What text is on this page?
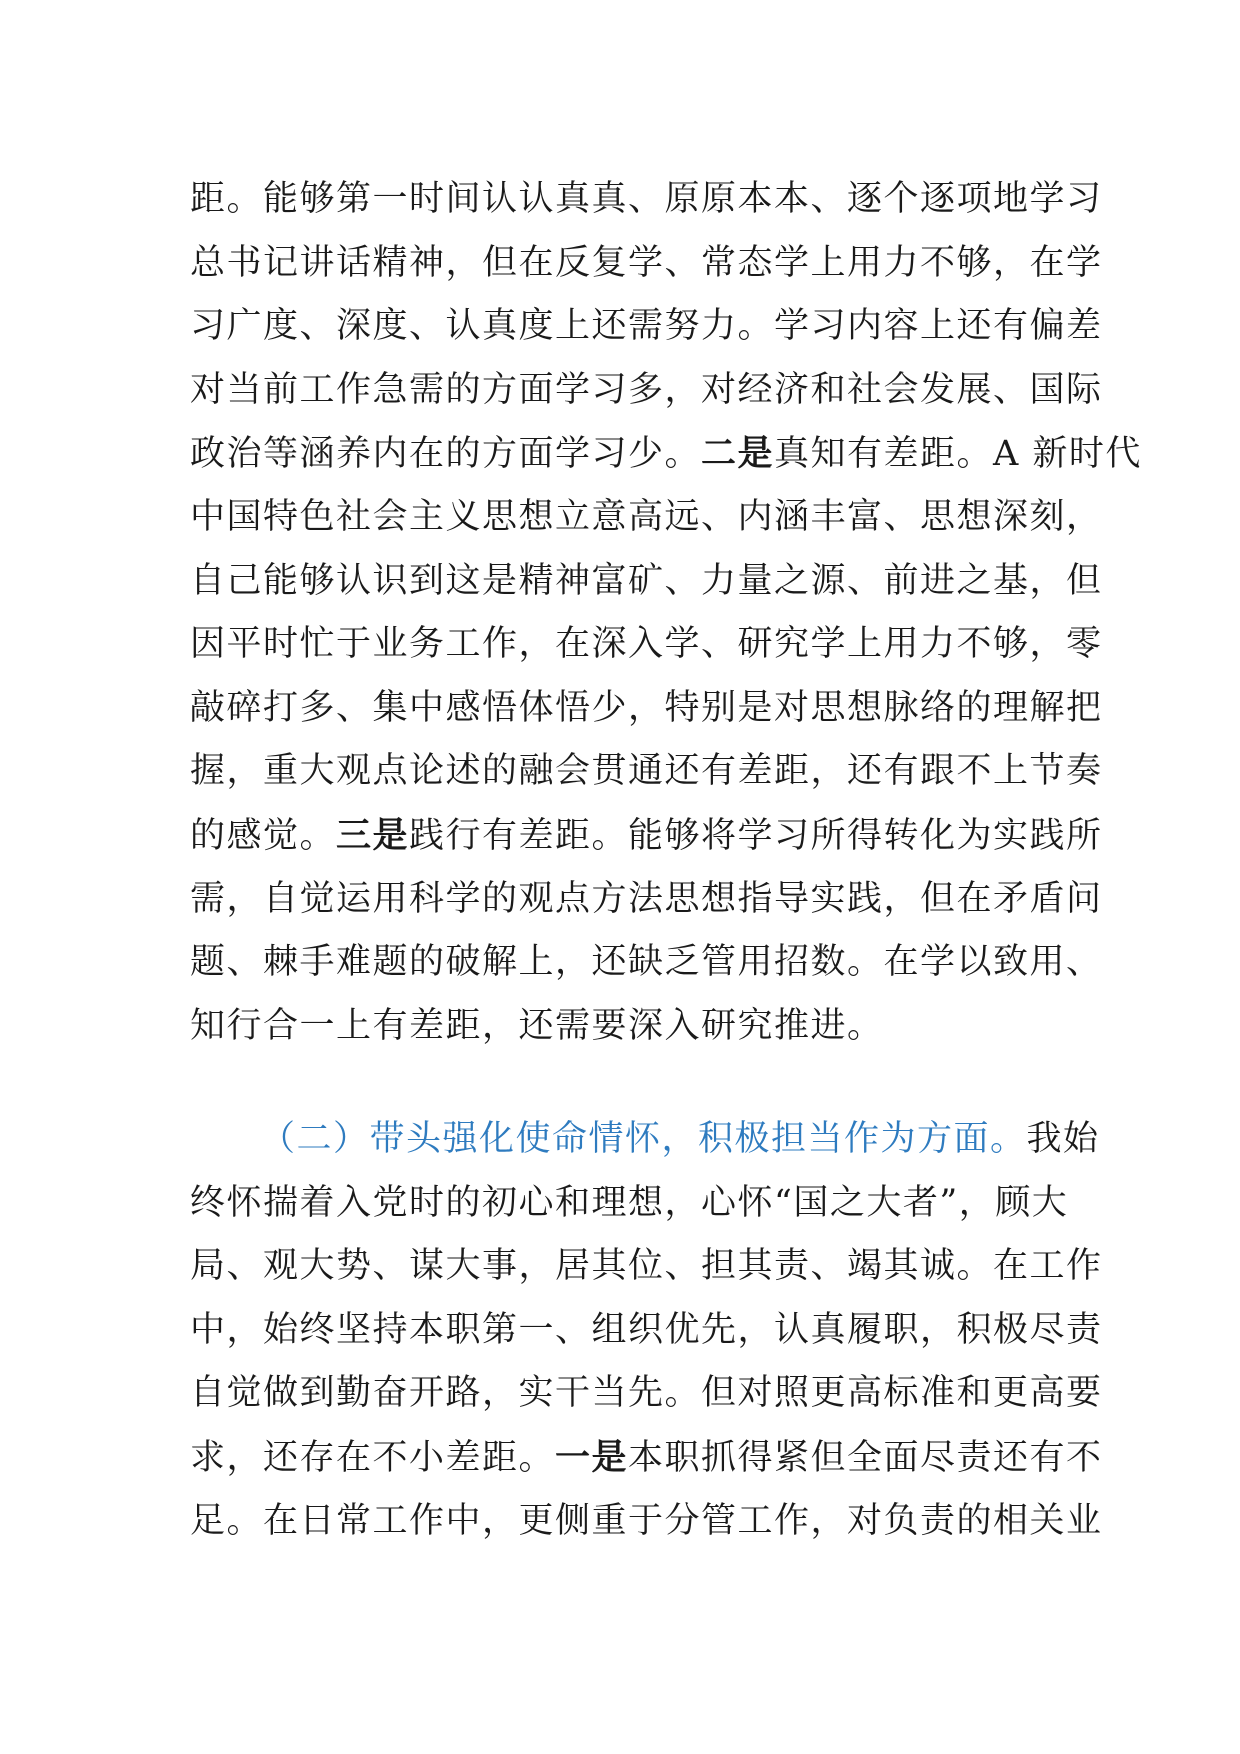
距。能够第一时间认认真真、原原本本、逐个逐项地学习
总书记讲话精神，但在反复学、常态学上用力不够，在学
习广度、深度、认真度上还需努力。学习内容上还有偏差
对当前工作急需的方面学习多，对经济和社会发展、国际
政治等涵养内在的方面学习少。二是真知有差距。A 新时代
中国特色社会主义思想立意高远、内涵丰富、思想深刻，
自己能够认识到这是精神富矿、力量之源、前进之基，但
因平时忙于业务工作，在深入学、研究学上用力不够，零
敲碎打多、集中感悟体悟少，特别是对思想脉络的理解把
握，重大观点论述的融会贯通还有差距，还有跟不上节奏
的感觉。三是践行有差距。能够将学习所得转化为实践所
需，自觉运用科学的观点方法思想指导实践，但在矛盾问
题、棘手难题的破解上，还缺乏管用招数。在学以致用、
知行合一上有差距，还需要深入研究推进。
（二）带头强化使命情怀，积极担当作为方面。我始
终怀揣着入党时的初心和理想，心怀“国之大者”，顾大
局、观大势、谋大事，居其位、担其责、竭其诚。在工作
中，始终坚持本职第一、组织优先，认真履职，积极尽责
自觉做到勤奋开路，实干当先。但对照更高标准和更高要
求，还存在不小差距。一是本职抓得紧但全面尽责还有不
足。在日常工作中，更侧重于分管工作，对负责的相关业
